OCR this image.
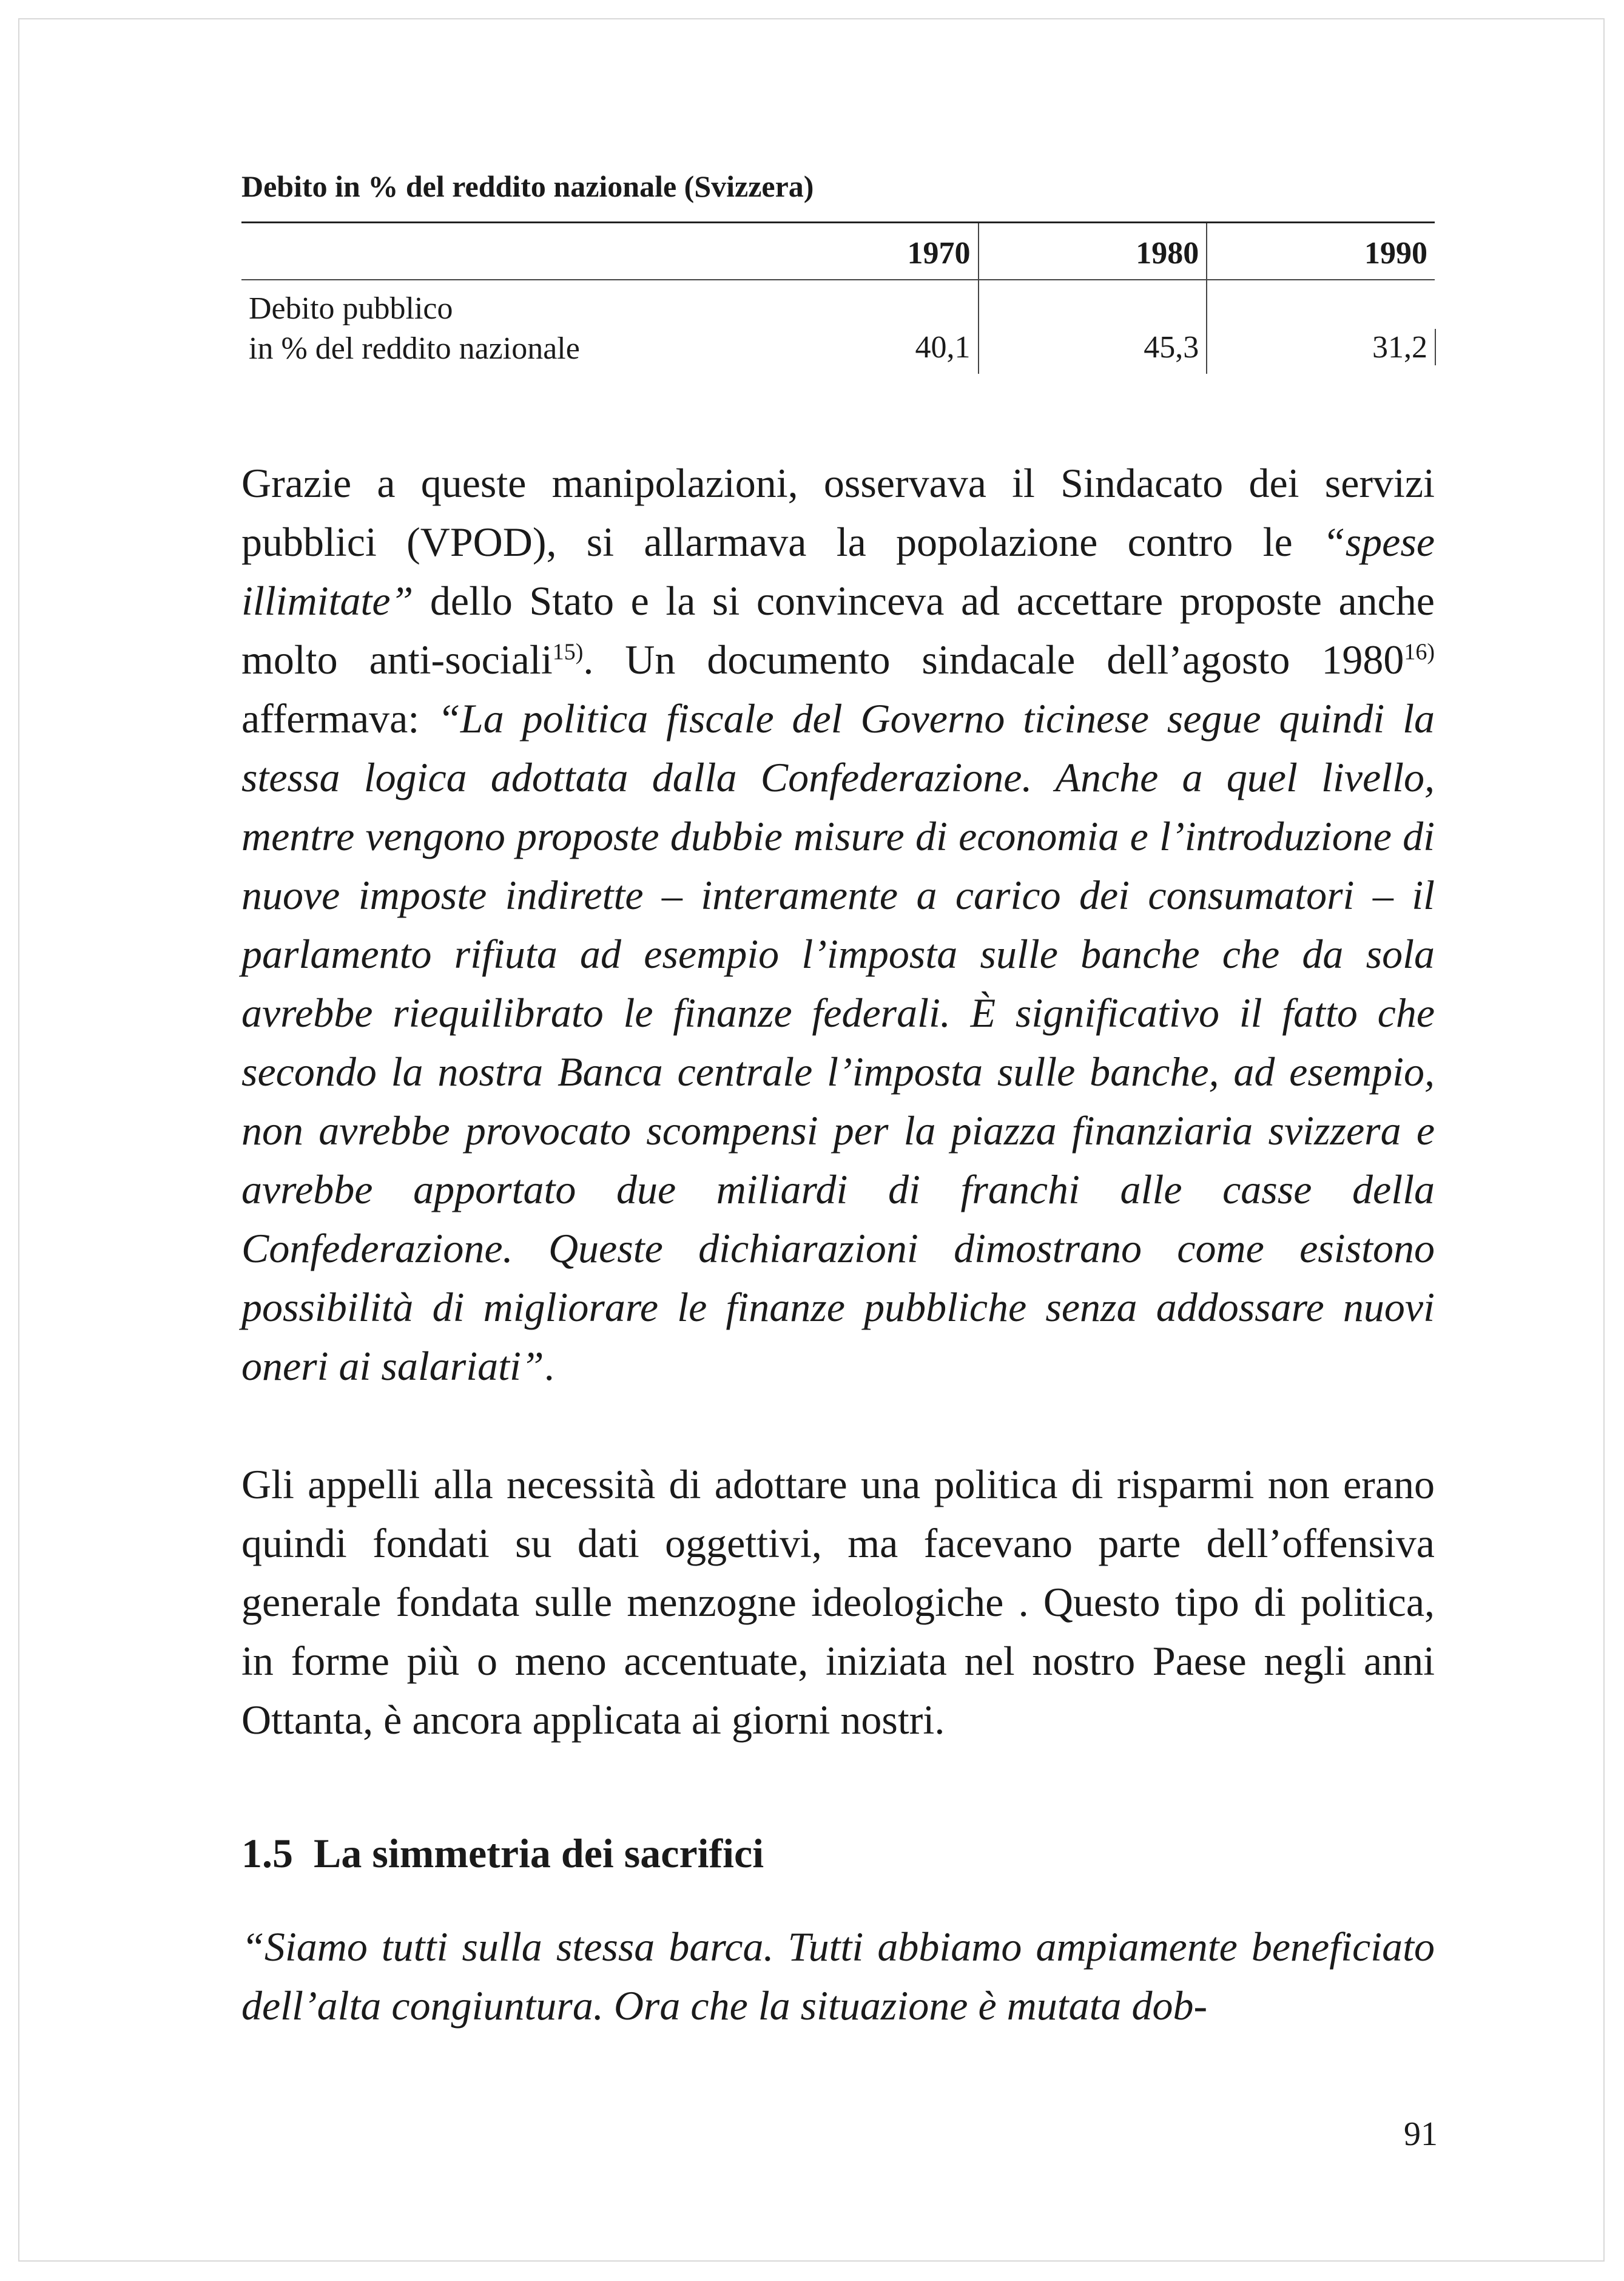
Debito in % del reddito nazionale (Svizzera)
	1970	1980	1990

Debito pubblico
in % del reddito nazionale	40,1	45,3	31,2

Grazie a queste manipolazioni, osservava il Sindacato dei servizi pubblici (VPOD), si allarmava la popolazione contro le “spese illimitate” dello Stato e la si convinceva ad accettare proposte anche molto anti-sociali$^{15)}$. Un documento sindacale dell’agosto 1980$^{16)}$ affermava: “La politica fiscale del Governo ticinese segue quindi la stessa logica adottata dalla Confederazione. Anche a quel livello, mentre vengono proposte dubbie misure di economia e l’introduzione di nuove imposte indirette – interamente a carico dei consumatori – il parlamento rifiuta ad esempio l’imposta sulle banche che da sola avrebbe riequilibrato le finanze federali. È significativo il fatto che secondo la nostra Banca centrale l’imposta sulle banche, ad esempio, non avrebbe provocato scompensi per la piazza finanziaria svizzera e avrebbe apportato due miliardi di franchi alle casse della Confederazione. Queste dichiarazioni dimostrano come esistono possibilità di migliorare le finanze pubbliche senza addossare nuovi oneri ai salariati”.

Gli appelli alla necessità di adottare una politica di risparmi non erano quindi fondati su dati oggettivi, ma facevano parte dell’offensiva generale fondata sulle menzogne ideologiche . Questo tipo di politica, in forme più o meno accentuate, iniziata nel nostro Paese negli anni Ottanta, è ancora applicata ai giorni nostri.

1.5 La simmetria dei sacrifici

“Siamo tutti sulla stessa barca. Tutti abbiamo ampiamente beneficiato dell’alta congiuntura. Ora che la situazione è mutata dob-

91
